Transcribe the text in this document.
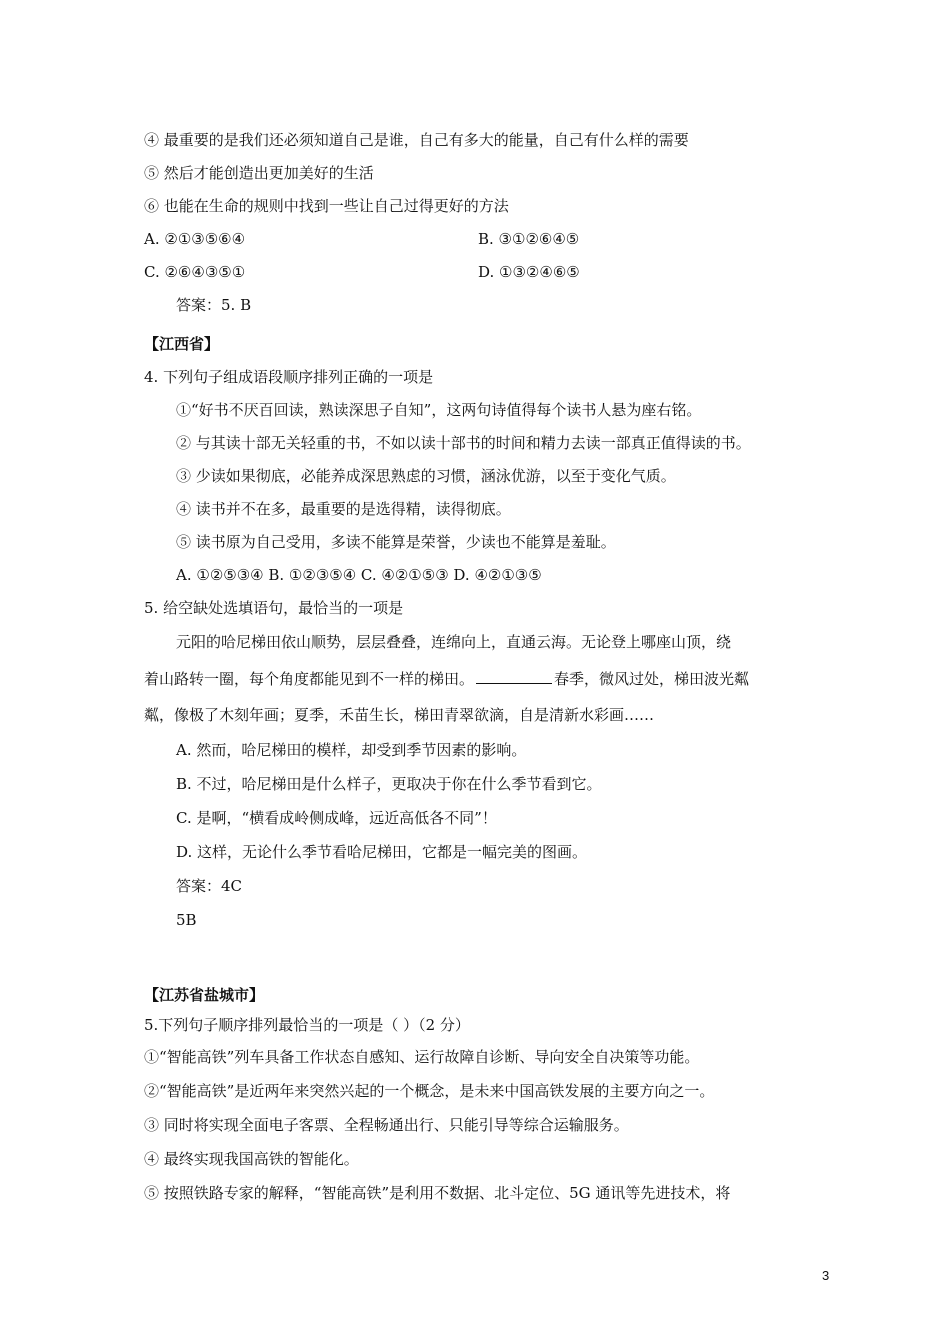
④ 最重要的是我们还必须知道自己是谁，自己有多大的能量，自己有什么样的需要
⑤ 然后才能创造出更加美好的生活
⑥ 也能在生命的规则中找到一些让自己过得更好的方法
A. ②①③⑤⑥④	B. ③①②⑥④⑤
C. ②⑥④③⑤①	D. ①③②④⑥⑤
答案：5. B
【江西省】
4. 下列句子组成语段顺序排列正确的一项是
①“好书不厌百回读，熟读深思子自知”，这两句诗值得每个读书人悬为座右铭。
② 与其读十部无关轻重的书，不如以读十部书的时间和精力去读一部真正值得读的书。
③ 少读如果彻底，必能养成深思熟虑的习惯，涵泳优游，以至于变化气质。
④ 读书并不在多，最重要的是选得精，读得彻底。
⑤ 读书原为自己受用，多读不能算是荣誉，少读也不能算是羞耻。
A. ①②⑤③④ B. ①②③⑤④ C. ④②①⑤③ D. ④②①③⑤
5. 给空缺处选填语句，最恰当的一项是
元阳的哈尼梯田依山顺势，层层叠叠，连绵向上，直通云海。无论登上哪座山顶，绕
着山路转一圈，每个角度都能见到不一样的梯田。	春季，微风过处，梯田波光粼
粼，像极了木刻年画；夏季，禾苗生长，梯田青翠欲滴，自是清新水彩画……
A. 然而，哈尼梯田的模样，却受到季节因素的影响。
B. 不过，哈尼梯田是什么样子，更取决于你在什么季节看到它。
C. 是啊，“横看成岭侧成峰，远近高低各不同”！
D. 这样，无论什么季节看哈尼梯田，它都是一幅完美的图画。
答案：4C
5B
【江苏省盐城市】
5.下列句子顺序排列最恰当的一项是（ ）（2 分）
①“智能高铁”列车具备工作状态自感知、运行故障自诊断、导向安全自决策等功能。
②“智能高铁”是近两年来突然兴起的一个概念，是未来中国高铁发展的主要方向之一。
③ 同时将实现全面电子客票、全程畅通出行、只能引导等综合运输服务。
④ 最终实现我国高铁的智能化。
⑤ 按照铁路专家的解释，“智能高铁”是利用不数据、北斗定位、5G 通讯等先进技术，将
3
